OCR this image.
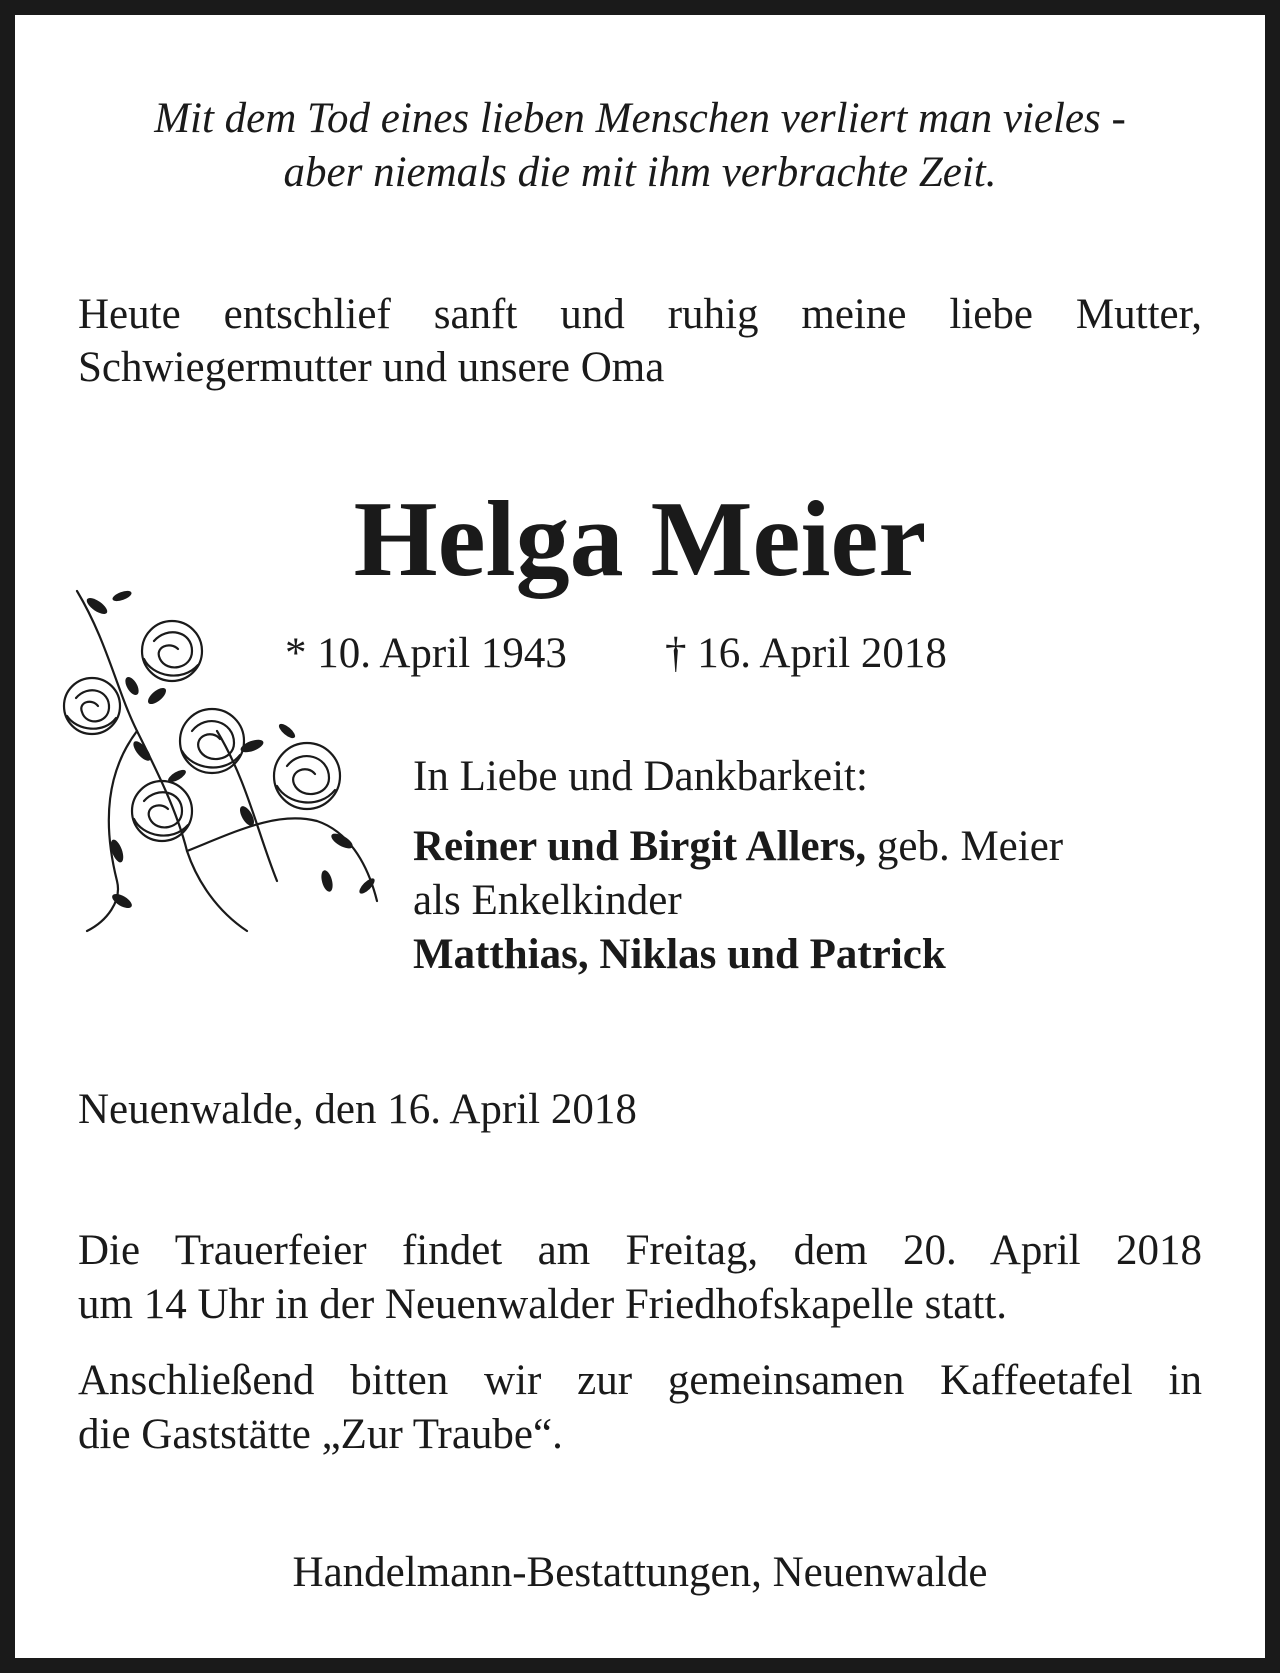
Mit dem Tod eines lieben Menschen verliert man vieles -
aber niemals die mit ihm verbrachte Zeit.
Heute entschlief sanft und ruhig meine liebe Mutter,
Schwiegermutter und unsere Oma
Helga Meier
* 10. April 1943 † 16. April 2018
In Liebe und Dankbarkeit:
Reiner und Birgit Allers, geb. Meier
als Enkelkinder
Matthias, Niklas und Patrick
Neuenwalde, den 16. April 2018
Die Trauerfeier findet am Freitag, dem 20. April 2018
um 14 Uhr in der Neuenwalder Friedhofskapelle statt.
Anschließend bitten wir zur gemeinsamen Kaffeetafel in
die Gaststätte „Zur Traube“.
Handelmann-Bestattungen, Neuenwalde
